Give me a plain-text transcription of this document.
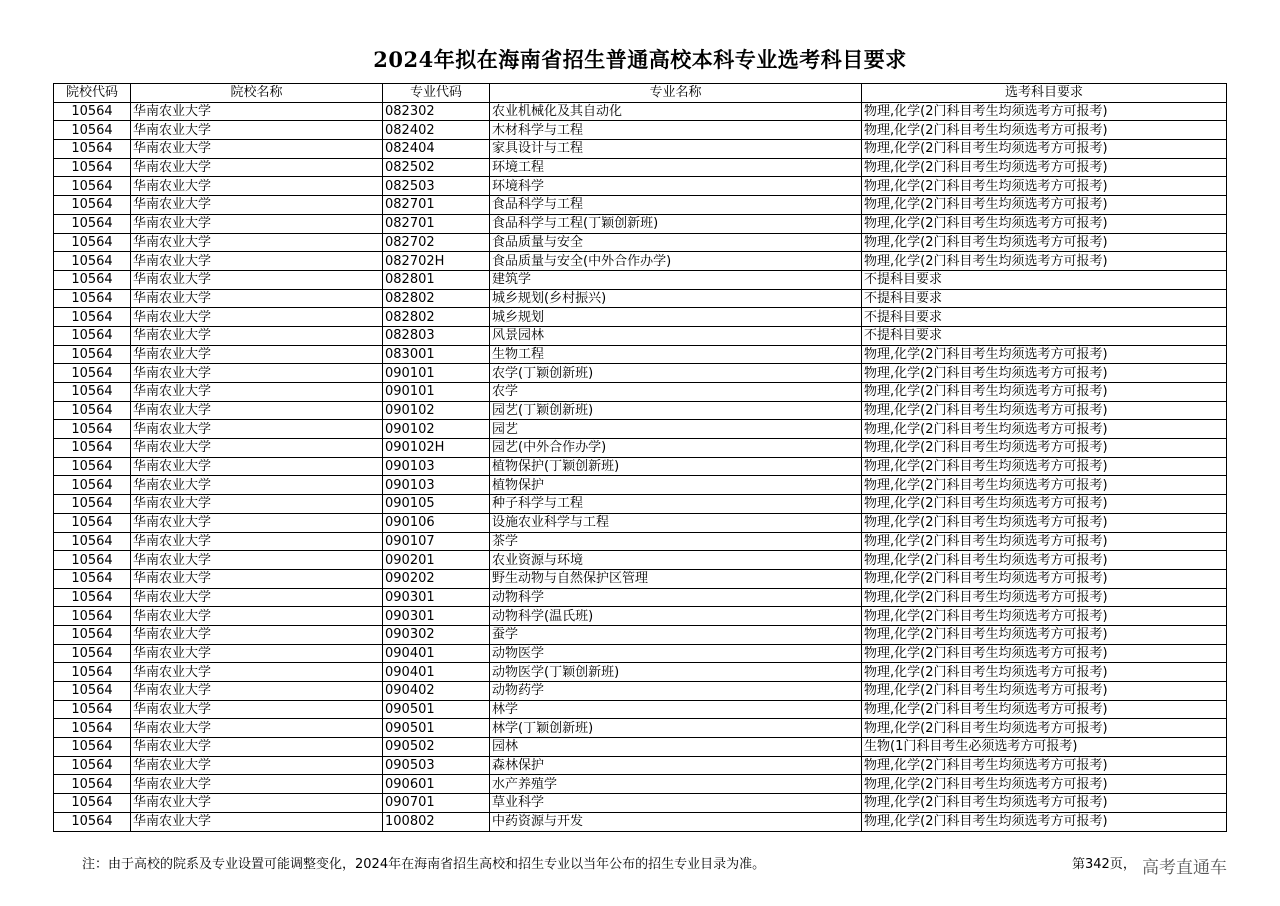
2024年拟在海南省招生普通高校本科专业选考科目要求
院校代码	院校名称	专业代码	专业名称	选考科目要求
10564	华南农业大学	082302	农业机械化及其自动化	物理,化学(2门科目考生均须选考方可报考)
10564	华南农业大学	082402	木材科学与工程	物理,化学(2门科目考生均须选考方可报考)
10564	华南农业大学	082404	家具设计与工程	物理,化学(2门科目考生均须选考方可报考)
10564	华南农业大学	082502	环境工程	物理,化学(2门科目考生均须选考方可报考)
10564	华南农业大学	082503	环境科学	物理,化学(2门科目考生均须选考方可报考)
10564	华南农业大学	082701	食品科学与工程	物理,化学(2门科目考生均须选考方可报考)
10564	华南农业大学	082701	食品科学与工程(丁颖创新班)	物理,化学(2门科目考生均须选考方可报考)
10564	华南农业大学	082702	食品质量与安全	物理,化学(2门科目考生均须选考方可报考)
10564	华南农业大学	082702H	食品质量与安全(中外合作办学)	物理,化学(2门科目考生均须选考方可报考)
10564	华南农业大学	082801	建筑学	不提科目要求
10564	华南农业大学	082802	城乡规划(乡村振兴)	不提科目要求
10564	华南农业大学	082802	城乡规划	不提科目要求
10564	华南农业大学	082803	风景园林	不提科目要求
10564	华南农业大学	083001	生物工程	物理,化学(2门科目考生均须选考方可报考)
10564	华南农业大学	090101	农学(丁颖创新班)	物理,化学(2门科目考生均须选考方可报考)
10564	华南农业大学	090101	农学	物理,化学(2门科目考生均须选考方可报考)
10564	华南农业大学	090102	园艺(丁颖创新班)	物理,化学(2门科目考生均须选考方可报考)
10564	华南农业大学	090102	园艺	物理,化学(2门科目考生均须选考方可报考)
10564	华南农业大学	090102H	园艺(中外合作办学)	物理,化学(2门科目考生均须选考方可报考)
10564	华南农业大学	090103	植物保护(丁颖创新班)	物理,化学(2门科目考生均须选考方可报考)
10564	华南农业大学	090103	植物保护	物理,化学(2门科目考生均须选考方可报考)
10564	华南农业大学	090105	种子科学与工程	物理,化学(2门科目考生均须选考方可报考)
10564	华南农业大学	090106	设施农业科学与工程	物理,化学(2门科目考生均须选考方可报考)
10564	华南农业大学	090107	茶学	物理,化学(2门科目考生均须选考方可报考)
10564	华南农业大学	090201	农业资源与环境	物理,化学(2门科目考生均须选考方可报考)
10564	华南农业大学	090202	野生动物与自然保护区管理	物理,化学(2门科目考生均须选考方可报考)
10564	华南农业大学	090301	动物科学	物理,化学(2门科目考生均须选考方可报考)
10564	华南农业大学	090301	动物科学(温氏班)	物理,化学(2门科目考生均须选考方可报考)
10564	华南农业大学	090302	蚕学	物理,化学(2门科目考生均须选考方可报考)
10564	华南农业大学	090401	动物医学	物理,化学(2门科目考生均须选考方可报考)
10564	华南农业大学	090401	动物医学(丁颖创新班)	物理,化学(2门科目考生均须选考方可报考)
10564	华南农业大学	090402	动物药学	物理,化学(2门科目考生均须选考方可报考)
10564	华南农业大学	090501	林学	物理,化学(2门科目考生均须选考方可报考)
10564	华南农业大学	090501	林学(丁颖创新班)	物理,化学(2门科目考生均须选考方可报考)
10564	华南农业大学	090502	园林	生物(1门科目考生必须选考方可报考)
10564	华南农业大学	090503	森林保护	物理,化学(2门科目考生均须选考方可报考)
10564	华南农业大学	090601	水产养殖学	物理,化学(2门科目考生均须选考方可报考)
10564	华南农业大学	090701	草业科学	物理,化学(2门科目考生均须选考方可报考)
10564	华南农业大学	100802	中药资源与开发	物理,化学(2门科目考生均须选考方可报考)
注：由于高校的院系及专业设置可能调整变化，2024年在海南省招生高校和招生专业以当年公布的招生专业目录为准。	第342页， 高考直通车
